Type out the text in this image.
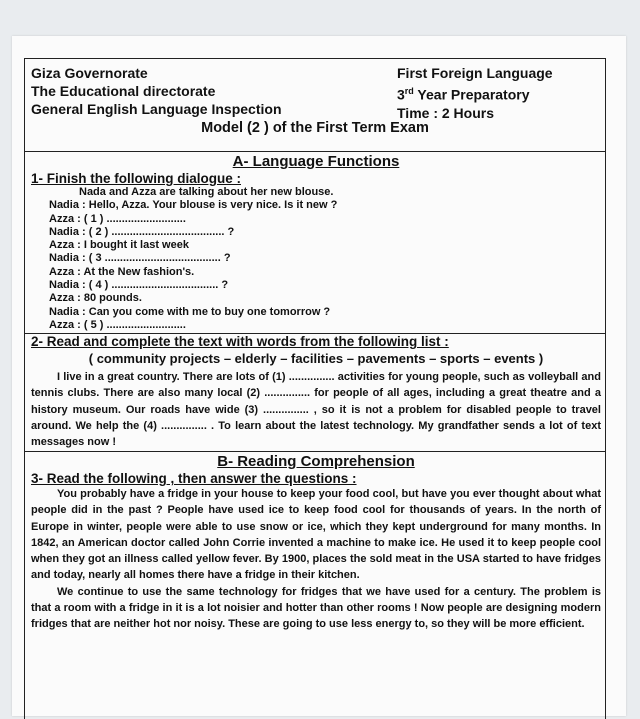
Giza Governorate
The Educational directorate
General English Language Inspection
First Foreign Language
3rd Year Preparatory
Time : 2 Hours
Model (2 ) of the First Term Exam
A- Language Functions
1- Finish the following dialogue :
Nada and Azza are talking about her new blouse.
Nadia : Hello, Azza. Your blouse is very nice. Is it new ?
Azza : ( 1 ) ..........................
Nadia : ( 2 ) ..................................... ?
Azza : I bought it last week
Nadia : ( 3 ...................................... ?
Azza : At the New fashion's.
Nadia : ( 4 ) ................................... ?
Azza : 80 pounds.
Nadia : Can you come with me to buy one tomorrow ?
Azza : ( 5 ) ..........................
2- Read and complete the text with words from the following list :
( community projects – elderly – facilities – pavements – sports – events )
I live in a great country. There are lots of (1) ............... activities for young people, such as volleyball and tennis clubs. There are also many local (2) ............... for people of all ages, including a great theatre and a history museum. Our roads have wide (3) ............... , so it is not a problem for disabled people to travel around. We help the (4) ............... . To learn about the latest technology. My grandfather sends a lot of text messages now !
B- Reading Comprehension
3- Read the following , then answer the questions :
You probably have a fridge in your house to keep your food cool, but have you ever thought about what people did in the past ? People have used ice to keep food cool for thousands of years. In the north of Europe in winter, people were able to use snow or ice, which they kept underground for many months. In 1842, an American doctor called John Corrie invented a machine to make ice. He used it to keep people cool when they got an illness called yellow fever. By 1900, places the sold meat in the USA started to have fridges and today, nearly all homes there have a fridge in their kitchen.
We continue to use the same technology for fridges that we have used for a century. The problem is that a room with a fridge in it is a lot noisier and hotter than other rooms ! Now people are designing modern fridges that are neither hot nor noisy. These are going to use less energy to, so they will be more efficient.
